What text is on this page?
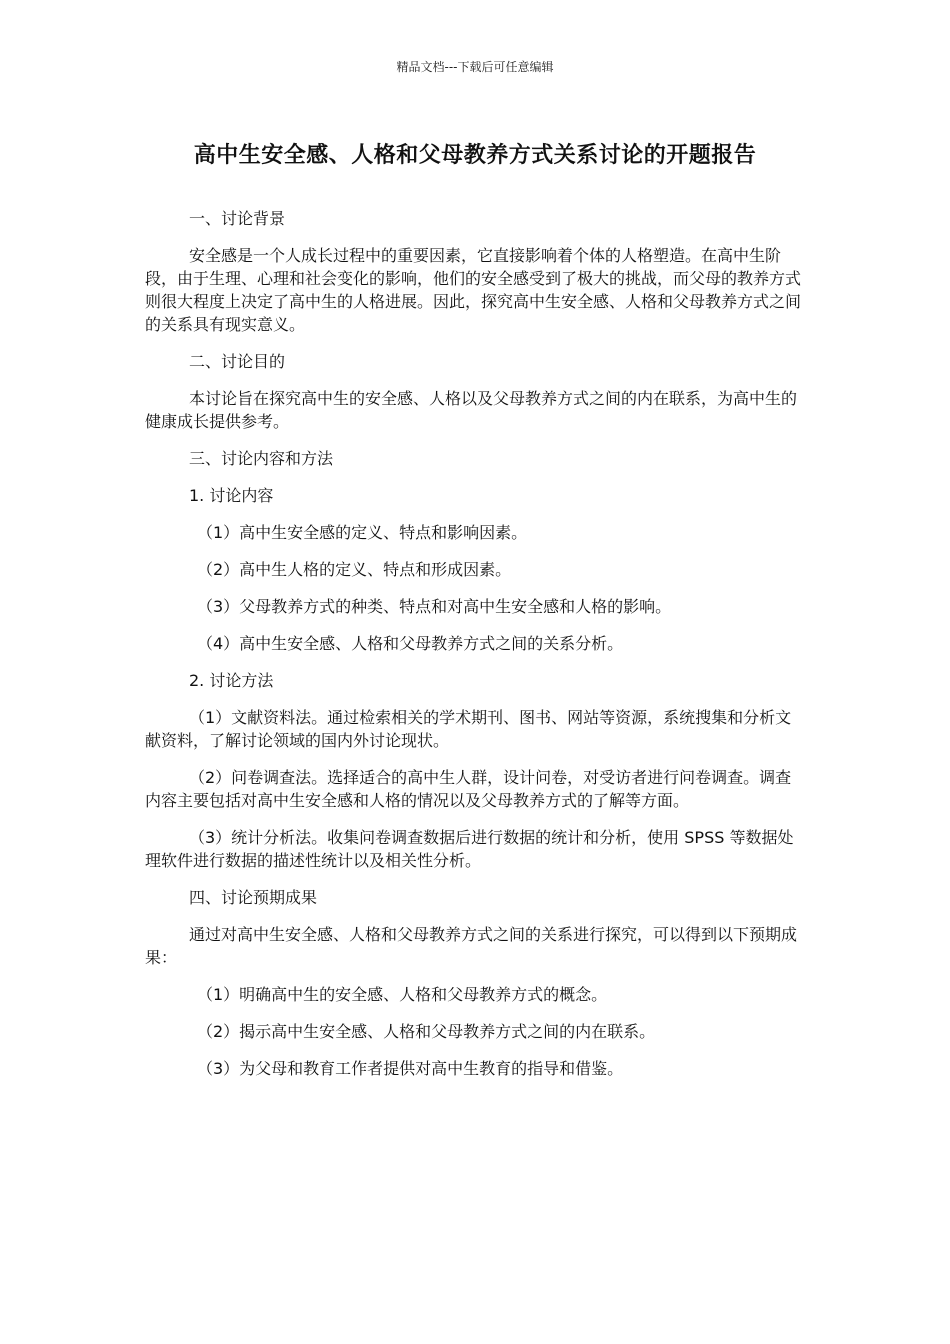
精品文档---下载后可任意编辑
高中生安全感、人格和父母教养方式关系讨论的开题报告

一、讨论背景

安全感是一个人成长过程中的重要因素，它直接影响着个体的人格塑造。在高中生阶段，由于生理、心理和社会变化的影响，他们的安全感受到了极大的挑战，而父母的教养方式则很大程度上决定了高中生的人格进展。因此，探究高中生安全感、人格和父母教养方式之间的关系具有现实意义。

二、讨论目的

本讨论旨在探究高中生的安全感、人格以及父母教养方式之间的内在联系，为高中生的健康成长提供参考。

三、讨论内容和方法

1. 讨论内容

（1）高中生安全感的定义、特点和影响因素。

（2）高中生人格的定义、特点和形成因素。

（3）父母教养方式的种类、特点和对高中生安全感和人格的影响。

（4）高中生安全感、人格和父母教养方式之间的关系分析。

2. 讨论方法

（1）文献资料法。通过检索相关的学术期刊、图书、网站等资源，系统搜集和分析文献资料，了解讨论领域的国内外讨论现状。

（2）问卷调查法。选择适合的高中生人群，设计问卷，对受访者进行问卷调查。调查内容主要包括对高中生安全感和人格的情况以及父母教养方式的了解等方面。

（3）统计分析法。收集问卷调查数据后进行数据的统计和分析，使用 SPSS 等数据处理软件进行数据的描述性统计以及相关性分析。

四、讨论预期成果

通过对高中生安全感、人格和父母教养方式之间的关系进行探究，可以得到以下预期成果：

（1）明确高中生的安全感、人格和父母教养方式的概念。

（2）揭示高中生安全感、人格和父母教养方式之间的内在联系。

（3）为父母和教育工作者提供对高中生教育的指导和借鉴。
